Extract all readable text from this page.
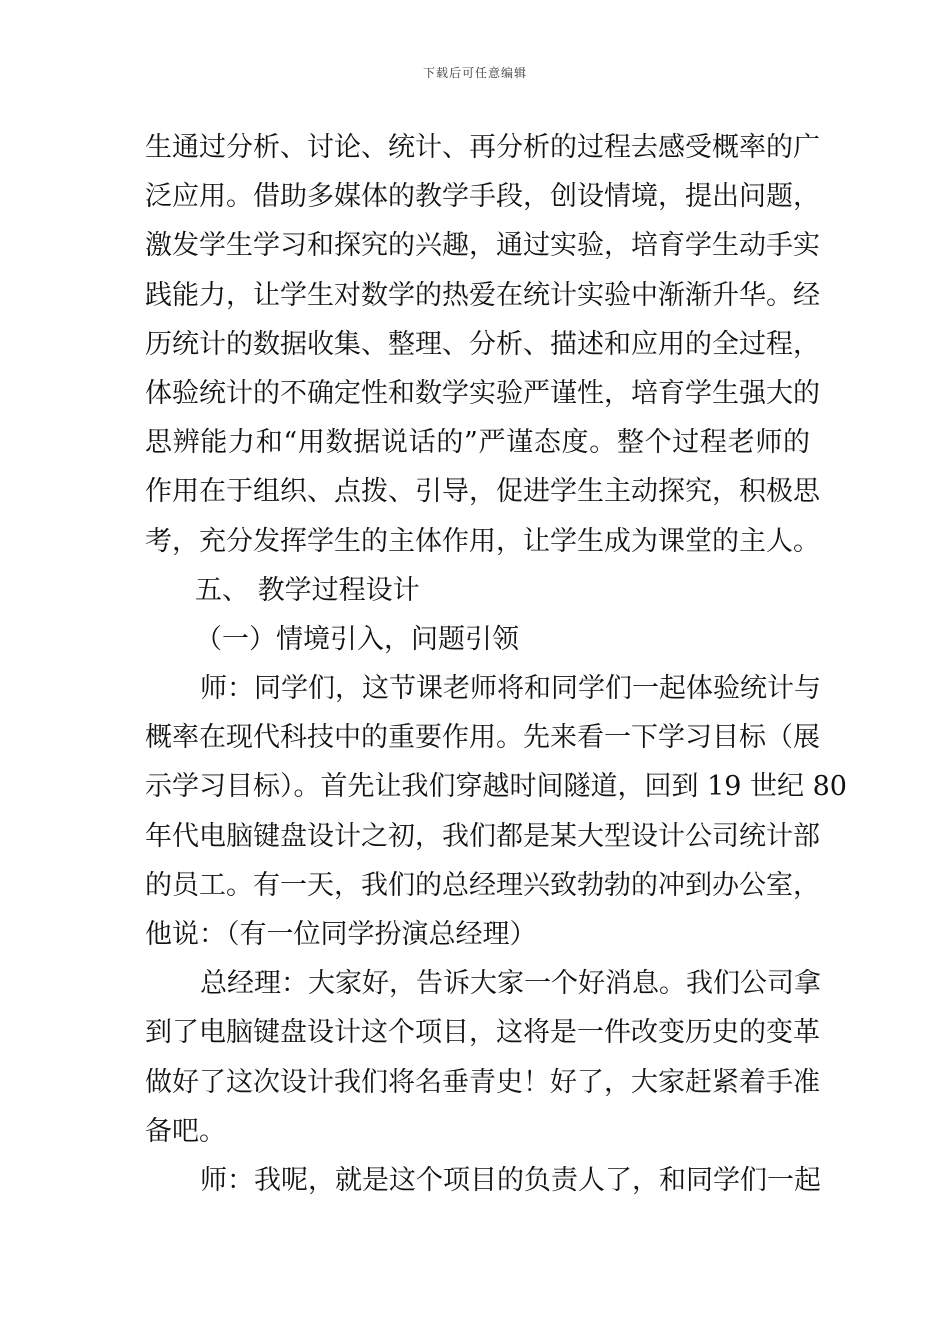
下载后可任意编辑
生通过分析、讨论、统计、再分析的过程去感受概率的广
泛应用。借助多媒体的教学手段，创设情境，提出问题，
激发学生学习和探究的兴趣，通过实验，培育学生动手实
践能力，让学生对数学的热爱在统计实验中渐渐升华。经
历统计的数据收集、整理、分析、描述和应用的全过程，
体验统计的不确定性和数学实验严谨性，培育学生强大的
思辨能力和“用数据说话的”严谨态度。整个过程老师的
作用在于组织、点拨、引导，促进学生主动探究，积极思
考，充分发挥学生的主体作用，让学生成为课堂的主人。
五、 教学过程设计
（一）情境引入，问题引领
师：同学们，这节课老师将和同学们一起体验统计与
概率在现代科技中的重要作用。先来看一下学习目标（展
示学习目标）。首先让我们穿越时间隧道，回到 19 世纪 80
年代电脑键盘设计之初，我们都是某大型设计公司统计部
的员工。有一天，我们的总经理兴致勃勃的冲到办公室，
他说：（有一位同学扮演总经理）
总经理：大家好，告诉大家一个好消息。我们公司拿
到了电脑键盘设计这个项目，这将是一件改变历史的变革
做好了这次设计我们将名垂青史！好了，大家赶紧着手准
备吧。
师：我呢，就是这个项目的负责人了，和同学们一起
